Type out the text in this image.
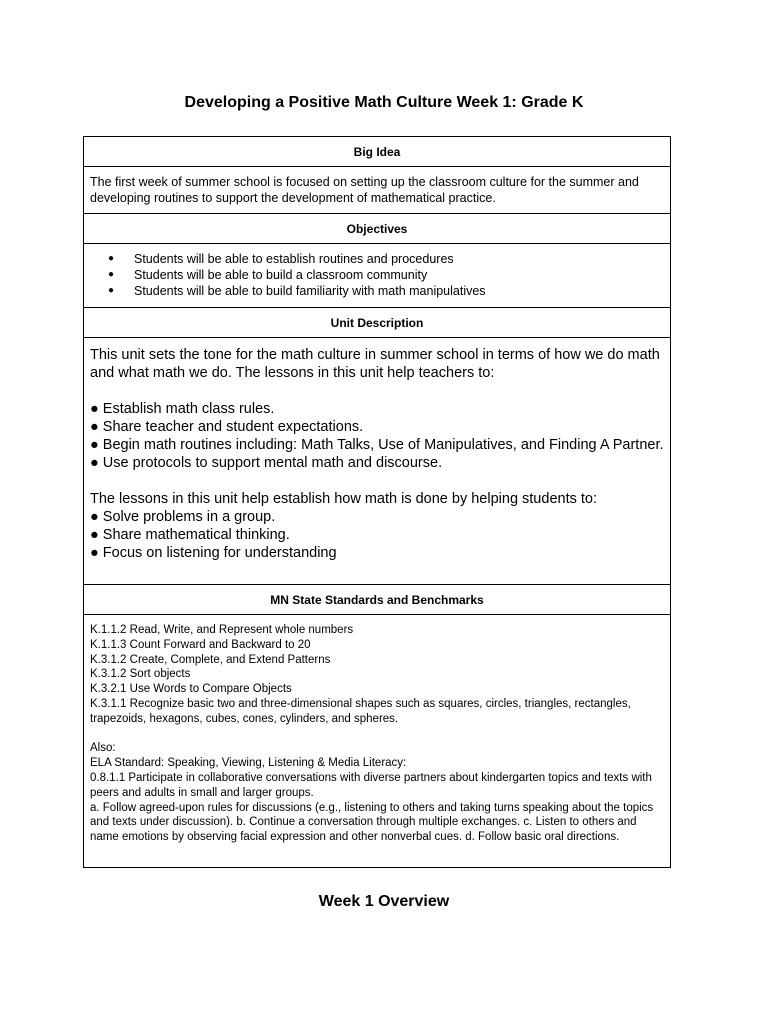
Developing a Positive Math Culture Week 1: Grade K
Big Idea
The first week of summer school is focused on setting up the classroom culture for the summer and developing routines to support the development of mathematical practice.
Objectives
● Students will be able to establish routines and procedures
● Students will be able to build a classroom community
● Students will be able to build familiarity with math manipulatives
Unit Description

This unit sets the tone for the math culture in summer school in terms of how we do math and what math we do. The lessons in this unit help teachers to:

● Establish math class rules.

● Share teacher and student expectations.

● Begin math routines including: Math Talks, Use of Manipulatives, and Finding A Partner.

● Use protocols to support mental math and discourse.

The lessons in this unit help establish how math is done by helping students to:

● Solve problems in a group.

● Share mathematical thinking.

● Focus on listening for understanding

MN State Standards and Benchmarks

K.1.1.2 Read, Write, and Represent whole numbers

K.1.1.3 Count Forward and Backward to 20

K.3.1.2 Create, Complete, and Extend Patterns

K.3.1.2 Sort objects

K.3.2.1 Use Words to Compare Objects

K.3.1.1 Recognize basic two and three-dimensional shapes such as squares, circles, triangles, rectangles, trapezoids, hexagons, cubes, cones, cylinders, and spheres.

Also:

ELA Standard: Speaking, Viewing, Listening & Media Literacy:

0.8.1.1 Participate in collaborative conversations with diverse partners about kindergarten topics and texts with peers and adults in small and larger groups.

a. Follow agreed-upon rules for discussions (e.g., listening to others and taking turns speaking about the topics and texts under discussion). b. Continue a conversation through multiple exchanges. c. Listen to others and name emotions by observing facial expression and other nonverbal cues. d. Follow basic oral directions.

Week 1 Overview
